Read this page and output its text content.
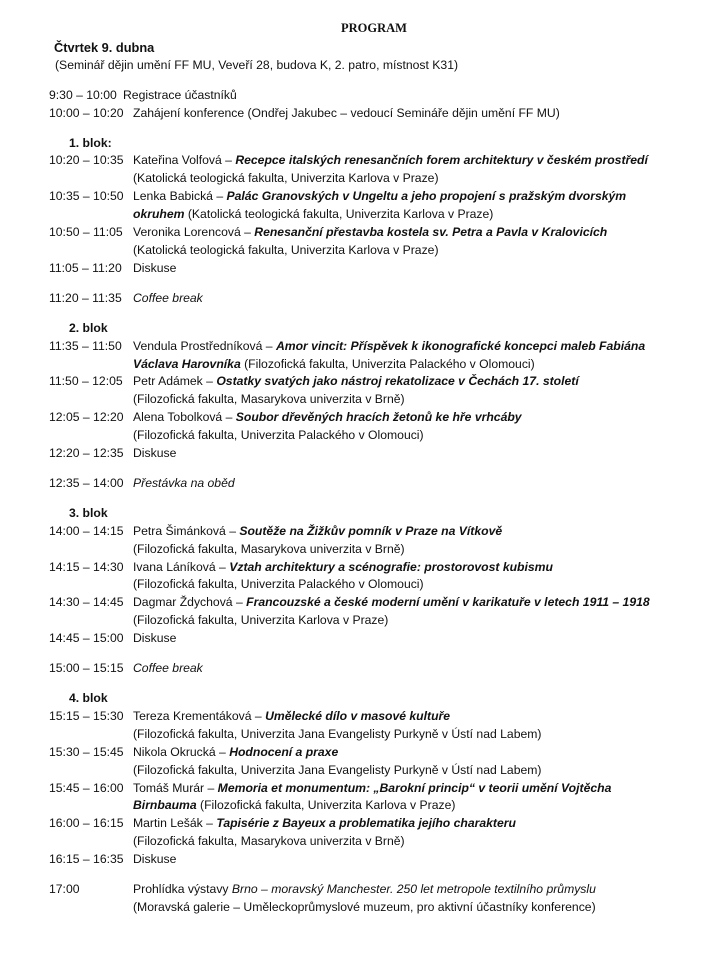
PROGRAM
Čtvrtek 9. dubna
(Seminář dějin umění FF MU, Veveří 28, budova K, 2. patro, místnost K31)
9:30 – 10:00 Registrace účastníků
10:00 – 10:20 Zahájení konference (Ondřej Jakubec – vedoucí Semináře dějin umění FF MU)
1. blok:
10:20 – 10:35 Kateřina Volfová – Recepce italských renesančních forem architektury v českém prostředí
(Katolická teologická fakulta, Univerzita Karlova v Praze)
10:35 – 10:50 Lenka Babická – Palác Granovských v Ungeltu a jeho propojení s pražským dvorským
okruhem (Katolická teologická fakulta, Univerzita Karlova v Praze)
10:50 – 11:05 Veronika Lorencová – Renesanční přestavba kostela sv. Petra a Pavla v Kralovicích
(Katolická teologická fakulta, Univerzita Karlova v Praze)
11:05 – 11:20 Diskuse
11:20 – 11:35 Coffee break
2. blok
11:35 – 11:50 Vendula Prostředníková – Amor vincit: Příspěvek k ikonografické koncepci maleb Fabiána
Václava Harovníka (Filozofická fakulta, Univerzita Palackého v Olomouci)
11:50 – 12:05 Petr Adámek – Ostatky svatých jako nástroj rekatolizace v Čechách 17. století
(Filozofická fakulta, Masarykova univerzita v Brně)
12:05 – 12:20 Alena Tobolková – Soubor dřevěných hracích žetonů ke hře vrhcáby
(Filozofická fakulta, Univerzita Palackého v Olomouci)
12:20 – 12:35 Diskuse
12:35 – 14:00 Přestávka na oběd
3. blok
14:00 – 14:15 Petra Šimánková – Soutěže na Žižkův pomník v Praze na Vítkově
(Filozofická fakulta, Masarykova univerzita v Brně)
14:15 – 14:30 Ivana Láníková – Vztah architektury a scénografie: prostorovost kubismu
(Filozofická fakulta, Univerzita Palackého v Olomouci)
14:30 – 14:45 Dagmar Ždychová – Francouzské a české moderní umění v karikatuře v letech 1911 – 1918
(Filozofická fakulta, Univerzita Karlova v Praze)
14:45 – 15:00 Diskuse
15:00 – 15:15 Coffee break
4. blok
15:15 – 15:30 Tereza Krementáková – Umělecké dílo v masové kultuře
(Filozofická fakulta, Univerzita Jana Evangelisty Purkyně v Ústí nad Labem)
15:30 – 15:45 Nikola Okrucká – Hodnocení a praxe
(Filozofická fakulta, Univerzita Jana Evangelisty Purkyně v Ústí nad Labem)
15:45 – 16:00 Tomáš Murár – Memoria et monumentum: „Barokní princip“ v teorii umění Vojtěcha
Birnbauma (Filozofická fakulta, Univerzita Karlova v Praze)
16:00 – 16:15 Martin Lešák – Tapisérie z Bayeux a problematika jejího charakteru
(Filozofická fakulta, Masarykova univerzita v Brně)
16:15 – 16:35 Diskuse
17:00	Prohlídka výstavy Brno – moravský Manchester. 250 let metropole textilního průmyslu
(Moravská galerie – Uměleckoprůmyslové muzeum, pro aktivní účastníky konference)
